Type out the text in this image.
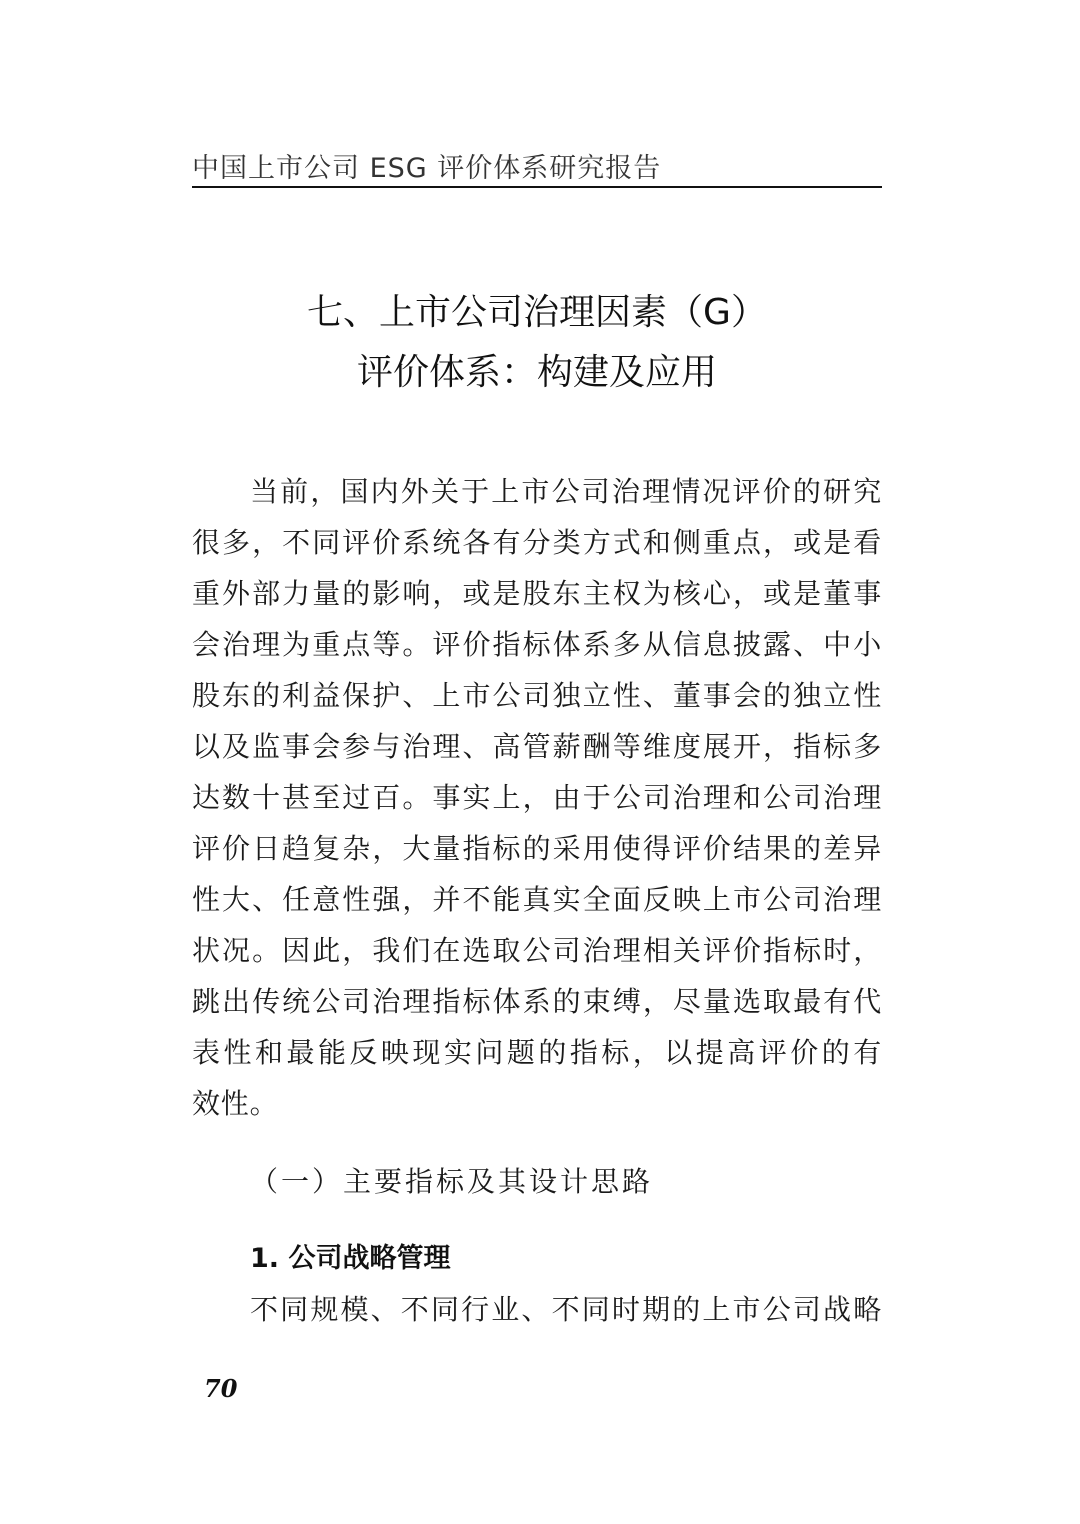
中国上市公司 ESG 评价体系研究报告
七、上市公司治理因素（G）
评价体系：构建及应用
当前，国内外关于上市公司治理情况评价的研究
很多，不同评价系统各有分类方式和侧重点，或是看
重外部力量的影响，或是股东主权为核心，或是董事
会治理为重点等。评价指标体系多从信息披露、中小
股东的利益保护、上市公司独立性、董事会的独立性
以及监事会参与治理、高管薪酬等维度展开，指标多
达数十甚至过百。事实上，由于公司治理和公司治理
评价日趋复杂，大量指标的采用使得评价结果的差异
性大、任意性强，并不能真实全面反映上市公司治理
状况。因此，我们在选取公司治理相关评价指标时，
跳出传统公司治理指标体系的束缚，尽量选取最有代
表性和最能反映现实问题的指标，以提高评价的有
效性。
（一）主要指标及其设计思路
1. 公司战略管理

不同规模、不同行业、不同时期的上市公司战略

70
